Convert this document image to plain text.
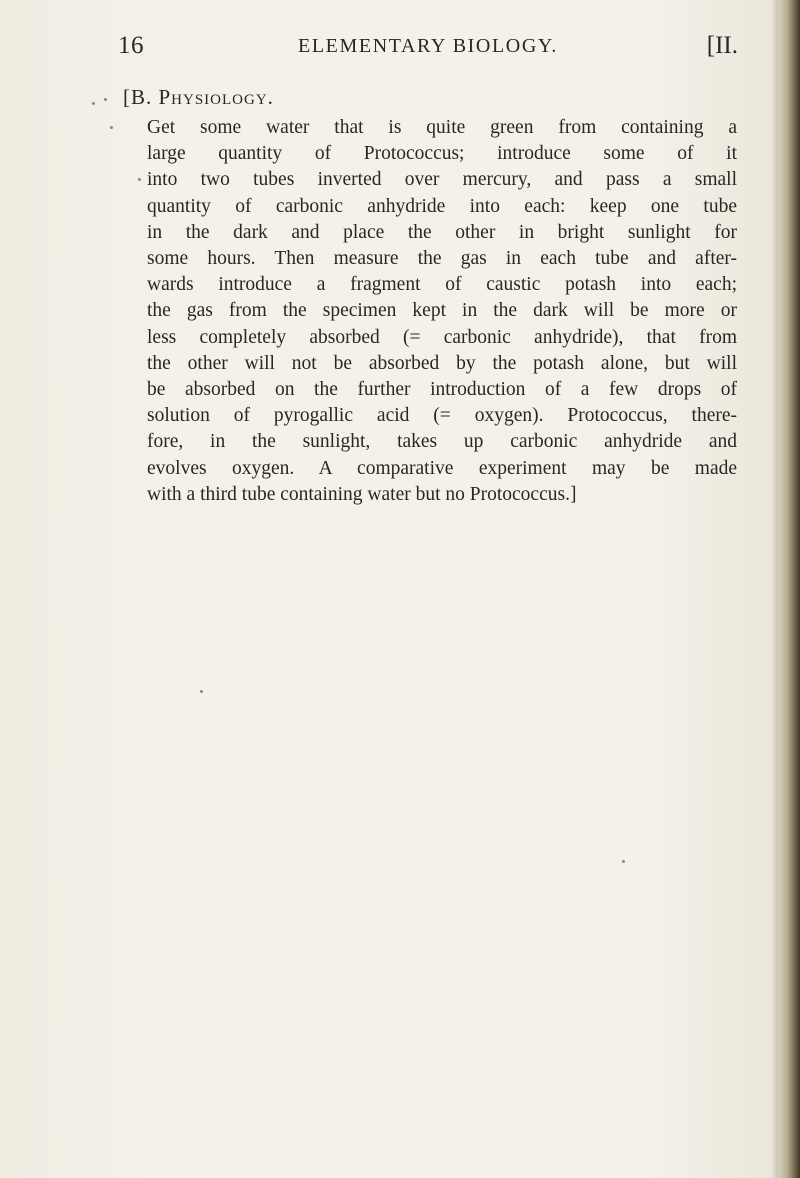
16	ELEMENTARY BIOLOGY.	[II.
[B. Physiology.

Get some water that is quite green from containing a
large quantity of Protococcus; introduce some of it
into two tubes inverted over mercury, and pass a small
quantity of carbonic anhydride into each: keep one tube
in the dark and place the other in bright sunlight for
some hours. Then measure the gas in each tube and after-
wards introduce a fragment of caustic potash into each;
the gas from the specimen kept in the dark will be more or
less completely absorbed (= carbonic anhydride), that from
the other will not be absorbed by the potash alone, but will
be absorbed on the further introduction of a few drops of
solution of pyrogallic acid (= oxygen). Protococcus, there-
fore, in the sunlight, takes up carbonic anhydride and
evolves oxygen. A comparative experiment may be made
with a third tube containing water but no Protococcus.]
